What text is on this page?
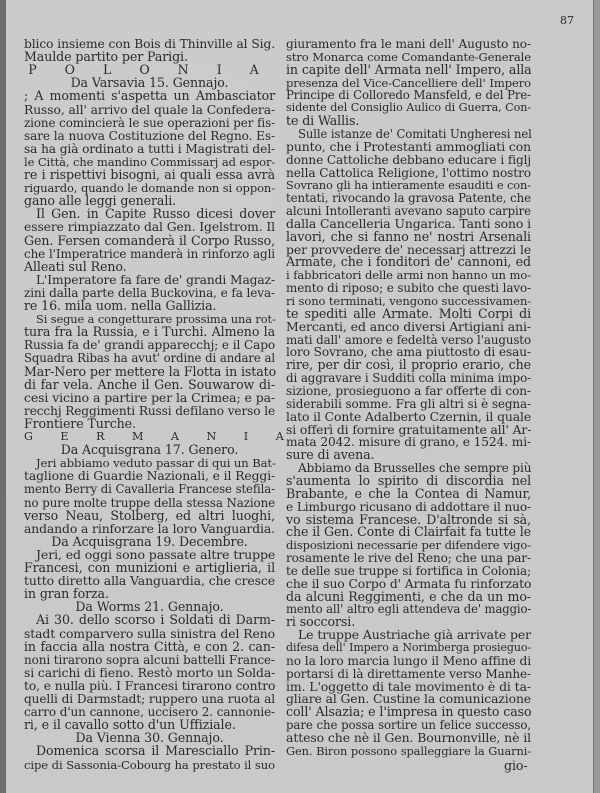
87
blico insieme con Bois di Thinville al Sig.
Maulde partito per Parigi.
P O L O N I A
Da Varsavia 15. Gennajo.
; A momenti s'aspetta un Ambasciator
Russo, all' arrivo del quale la Confedera-
zione comincierà le sue operazioni per fis-
sare la nuova Costituzione del Regno. Es-
sa ha già ordinato a tutti i Magistrati del-
le Città, che mandino Commissarj ad espor-
re i rispettivi bisogni, ai quali essa avrà
riguardo, quando le domande non si oppon-
gano alle leggi generali.
Il Gen. in Capite Russo dicesi dover
essere rimpiazzato dal Gen. Igelstrom. Il
Gen. Fersen comanderà il Corpo Russo,
che l'Imperatrice manderà in rinforzo agli
Alleati sul Reno.
L'Imperatore fa fare de' grandi Magaz-
zini dalla parte della Buckovina, e fa leva-
re 16. mila uom. nella Gallizia.
Si segue a congetturare prossima una rot-
tura fra la Russia, e i Turchi. Almeno la
Russia fa de' grandi apparecchj; e il Capo
Squadra Ribas ha avut' ordine di andare al
Mar-Nero per mettere la Flotta in istato
di far vela. Anche il Gen. Souwarow di-
cesi vicino a partire per la Crimea; e pa-
recchj Reggimenti Russi defilano verso le
Frontiere Turche.
G E R M A N I A
Da Acquisgrana 17. Genero.
Jeri abbiamo veduto passar di qui un Bat-
taglione di Guardie Nazionali, e il Reggi-
mento Berry di Cavalleria Francese stefila-
no pure molte truppe della stessa Nazione
verso Neau, Stolberg, ed altri luoghi,
andando a rinforzare la loro Vanguardia.
Da Acquisgrana 19. Decembre.
Jeri, ed oggi sono passate altre truppe
Francesi, con munizioni e artiglieria, il
tutto diretto alla Vanguardia, che cresce
in gran forza.
Da Worms 21. Gennajo.
Ai 30. dello scorso i Soldati di Darm-
stadt comparvero sulla sinistra del Reno
in faccia alla nostra Città, e con 2. can-
noni tirarono sopra alcuni battelli France-
si carichi di fieno. Restò morto un Solda-
to, e nulla più. I Francesi tirarono contro
quelli di Darmstadt; ruppero una ruota al
carro d'un cannone, uccisero 2. cannonie-
ri, e il cavallo sotto d'un Uffiziale.
Da Vienna 30. Gennajo.
Domenica scorsa il Maresciallo Prin-
cipe di Sassonia-Cobourg ha prestato il suo
giuramento fra le mani dell' Augusto no-
stro Monarca come Comandante-Generale
in capite dell' Armata nell' Impero, alla
presenza del Vice-Cancelliere dell' Impero
Principe di Colloredo Mansfeld, e del Pre-
sidente del Consiglio Aulico di Guerra, Con-
te di Wallis.
Sulle istanze de' Comitati Ungheresi nel
punto, che i Protestanti ammogliati con
donne Cattoliche debbano educare i figlj
nella Cattolica Religione, l'ottimo nostro
Sovrano gli ha intieramente esauditi e con-
tentati, rivocando la gravosa Patente, che
alcuni Intolleranti avevano saputo carpire
dalla Cancelleria Ungarica. Tanti sono i
lavori, che si fanno ne' nostri Arsenali
per provvedere de' necessarj attrezzi le
Armate, che i fonditori de' cannoni, ed
i fabbricatori delle armi non hanno un mo-
mento di riposo; e subito che questi lavo-
ri sono terminati, vengono successivamen-
te spediti alle Armate. Molti Corpi di
Mercanti, ed anco diversi Artigiani ani-
mati dall' amore e fedeltà verso l'augusto
loro Sovrano, che ama piuttosto di esau-
rire, per dir così, il proprio erario, che
di aggravare i Sudditi colla minima impo-
sizione, prosieguono a far offerte di con-
siderabili somme. Fra gli altri si è segna-
lato il Conte Adalberto Czernin, il quale
si offerì di fornire gratuitamente all' Ar-
mata 2042. misure di grano, e 1524. mi-
sure di avena.
Abbiamo da Brusselles che sempre più
s'aumenta lo spirito di discordia nel
Brabante, e che la Contea di Namur,
e Limburgo ricusano di addottare il nuo-
vo sistema Francese. D'altronde si sà,
che il Gen. Conte di Clairfait fa tutte le
disposizioni necessarie per difendere vigo-
rosamente le rive del Reno; che una par-
te delle sue truppe si fortifica in Colonia;
che il suo Corpo d' Armata fu rinforzato
da alcuni Reggimenti, e che da un mo-
mento all' altro egli attendeva de' maggio-
ri soccorsi.
Le truppe Austriache già arrivate per
difesa dell' Impero a Norimberga prosieguo-
no la loro marcia lungo il Meno affine di
portarsi di là direttamente verso Manhe-
im. L'oggetto di tale movimento è di ta-
gliare al Gen. Custine la comunicazione
coll' Alsazia; e l'impresa in questo caso
pare che possa sortire un felice successo,
atteso che nè il Gen. Bournonville, nè il
Gen. Biron possono spalleggiare la Guarni-
gio-
